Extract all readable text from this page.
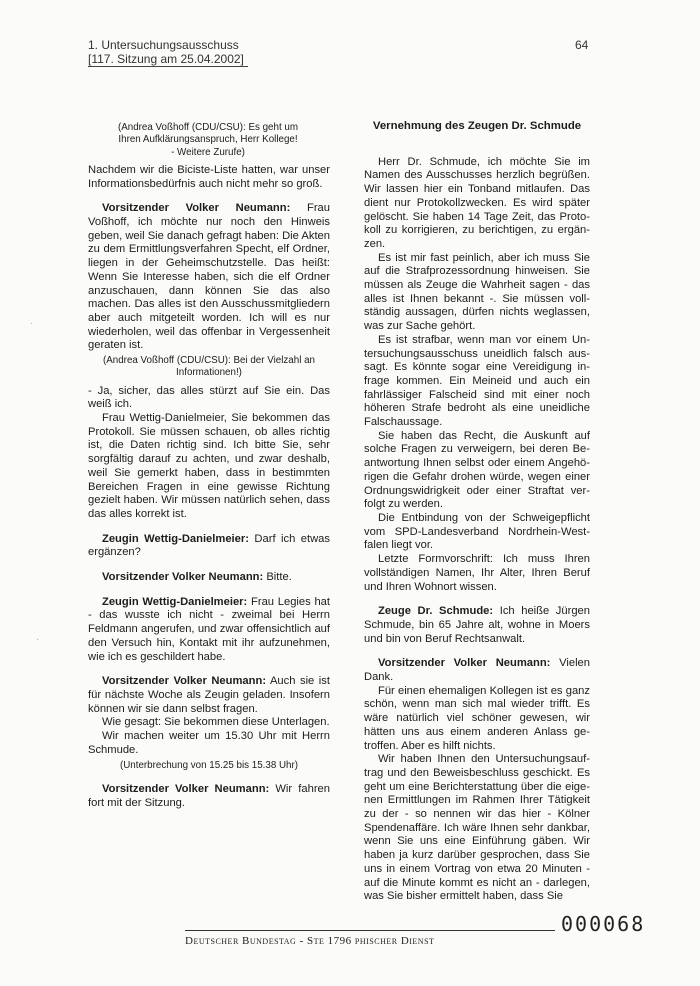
1. Untersuchungsausschuss
[117. Sitzung am 25.04.2002]
64

(Andrea Voßhoff (CDU/CSU): Es geht um Ihren Aufklärungsanspruch, Herr Kollege! - Weitere Zurufe)

Nachdem wir die Biciste-Liste hatten, war unser Informationsbedürfnis auch nicht mehr so groß.

Vorsitzender Volker Neumann: Frau Voßhoff, ich möchte nur noch den Hinweis geben, weil Sie danach gefragt haben: Die Akten zu dem Ermittlungsverfahren Specht, elf Ordner, liegen in der Geheimschutzstelle. Das heißt: Wenn Sie Interesse haben, sich die elf Ordner anzuschauen, dann können Sie das also machen. Das alles ist den Ausschussmitgliedern aber auch mitgeteilt worden. Ich will es nur wiederholen, weil das offenbar in Vergessenheit geraten ist.

(Andrea Voßhoff (CDU/CSU): Bei der Vielzahl an Informationen!)

- Ja, sicher, das alles stürzt auf Sie ein. Das weiß ich.

Frau Wettig-Danielmeier, Sie bekommen das Protokoll. Sie müssen schauen, ob alles richtig ist, die Daten richtig sind. Ich bitte Sie, sehr sorgfältig darauf zu achten, und zwar deshalb, weil Sie gemerkt haben, dass in bestimmten Bereichen Fragen in eine gewisse Richtung gezielt haben. Wir müssen natürlich sehen, dass das alles korrekt ist.

Zeugin Wettig-Danielmeier: Darf ich etwas ergänzen?

Vorsitzender Volker Neumann: Bitte.

Zeugin Wettig-Danielmeier: Frau Legies hat - das wusste ich nicht - zweimal bei Herrn Feldmann angerufen, und zwar offensichtlich auf den Versuch hin, Kontakt mit ihr aufzunehmen, wie ich es geschildert habe.

Vorsitzender Volker Neumann: Auch sie ist für nächste Woche als Zeugin geladen. Insofern können wir sie dann selbst fragen.

Wie gesagt: Sie bekommen diese Unterlagen.

Wir machen weiter um 15.30 Uhr mit Herrn Schmude.

(Unterbrechung von 15.25 bis 15.38 Uhr)

Vorsitzender Volker Neumann: Wir fahren fort mit der Sitzung.

Vernehmung des Zeugen Dr. Schmude

Herr Dr. Schmude, ich möchte Sie im Namen des Ausschusses herzlich begrüßen. Wir lassen hier ein Tonband mitlaufen. Das dient nur Protokollzwecken. Es wird später gelöscht. Sie haben 14 Tage Zeit, das Protokoll zu korrigieren, zu berichtigen, zu ergänzen.

Es ist mir fast peinlich, aber ich muss Sie auf die Strafprozessordnung hinweisen. Sie müssen als Zeuge die Wahrheit sagen - das alles ist Ihnen bekannt -. Sie müssen vollständig aussagen, dürfen nichts weglassen, was zur Sache gehört.

Es ist strafbar, wenn man vor einem Untersuchungsausschuss uneidlich falsch aussagt. Es könnte sogar eine Vereidigung infrage kommen. Ein Meineid und auch ein fahrlässiger Falscheid sind mit einer noch höheren Strafe bedroht als eine uneidliche Falschaussage.

Sie haben das Recht, die Auskunft auf solche Fragen zu verweigern, bei deren Beantwortung Ihnen selbst oder einem Angehörigen die Gefahr drohen würde, wegen einer Ordnungswidrigkeit oder einer Straftat verfolgt zu werden.

Die Entbindung von der Schweigepflicht vom SPD-Landesverband Nordrhein-Westfalen liegt vor.

Letzte Formvorschrift: Ich muss Ihren vollständigen Namen, Ihr Alter, Ihren Beruf und Ihren Wohnort wissen.

Zeuge Dr. Schmude: Ich heiße Jürgen Schmude, bin 65 Jahre alt, wohne in Moers und bin von Beruf Rechtsanwalt.

Vorsitzender Volker Neumann: Vielen Dank.

Für einen ehemaligen Kollegen ist es ganz schön, wenn man sich mal wieder trifft. Es wäre natürlich viel schöner gewesen, wir hätten uns aus einem anderen Anlass getroffen. Aber es hilft nichts.

Wir haben Ihnen den Untersuchungsauftrag und den Beweisbeschluss geschickt. Es geht um eine Berichterstattung über die eigenen Ermittlungen im Rahmen Ihrer Tätigkeit zu der - so nennen wir das hier - Kölner Spendenaffäre. Ich wäre Ihnen sehr dankbar, wenn Sie uns eine Einführung gäben. Wir haben ja kurz darüber gesprochen, dass Sie uns in einem Vortrag von etwa 20 Minuten - auf die Minute kommt es nicht an - darlegen, was Sie bisher ermittelt haben, dass Sie

·
·
Deutscher Bundestag - Ste 1796 phischer Dienst
000068
